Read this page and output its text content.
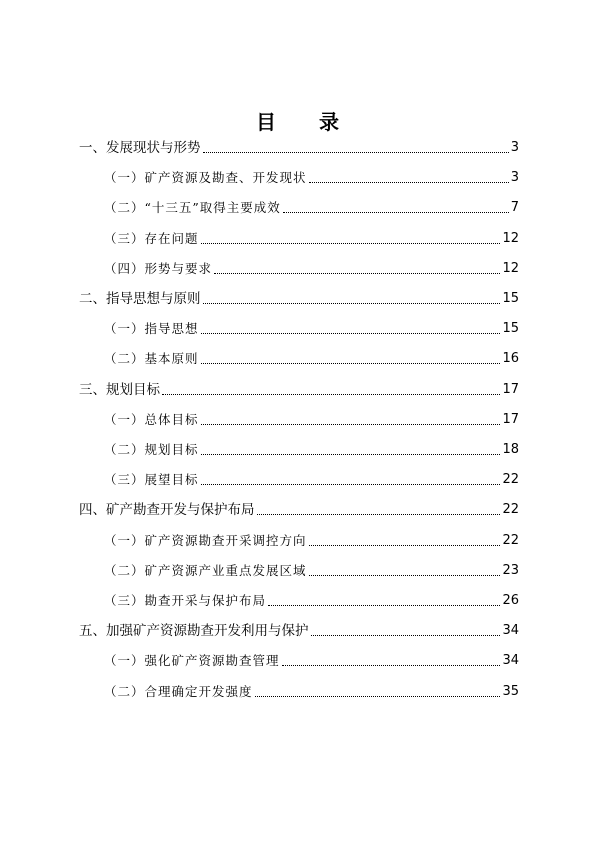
目 录
一、发展现状与形势	3
（一）矿产资源及勘查、开发现状	3
（二）“十三五”取得主要成效	7
（三）存在问题	12
（四）形势与要求	12
二、指导思想与原则	15
（一）指导思想	15
（二）基本原则	16
三、规划目标	17
（一）总体目标	17
（二）规划目标	18
（三）展望目标	22
四、矿产勘查开发与保护布局	22
（一）矿产资源勘查开采调控方向	22
（二）矿产资源产业重点发展区域	23
（三）勘查开采与保护布局	26
五、加强矿产资源勘查开发利用与保护	34
（一）强化矿产资源勘查管理	34
（二）合理确定开发强度	35
